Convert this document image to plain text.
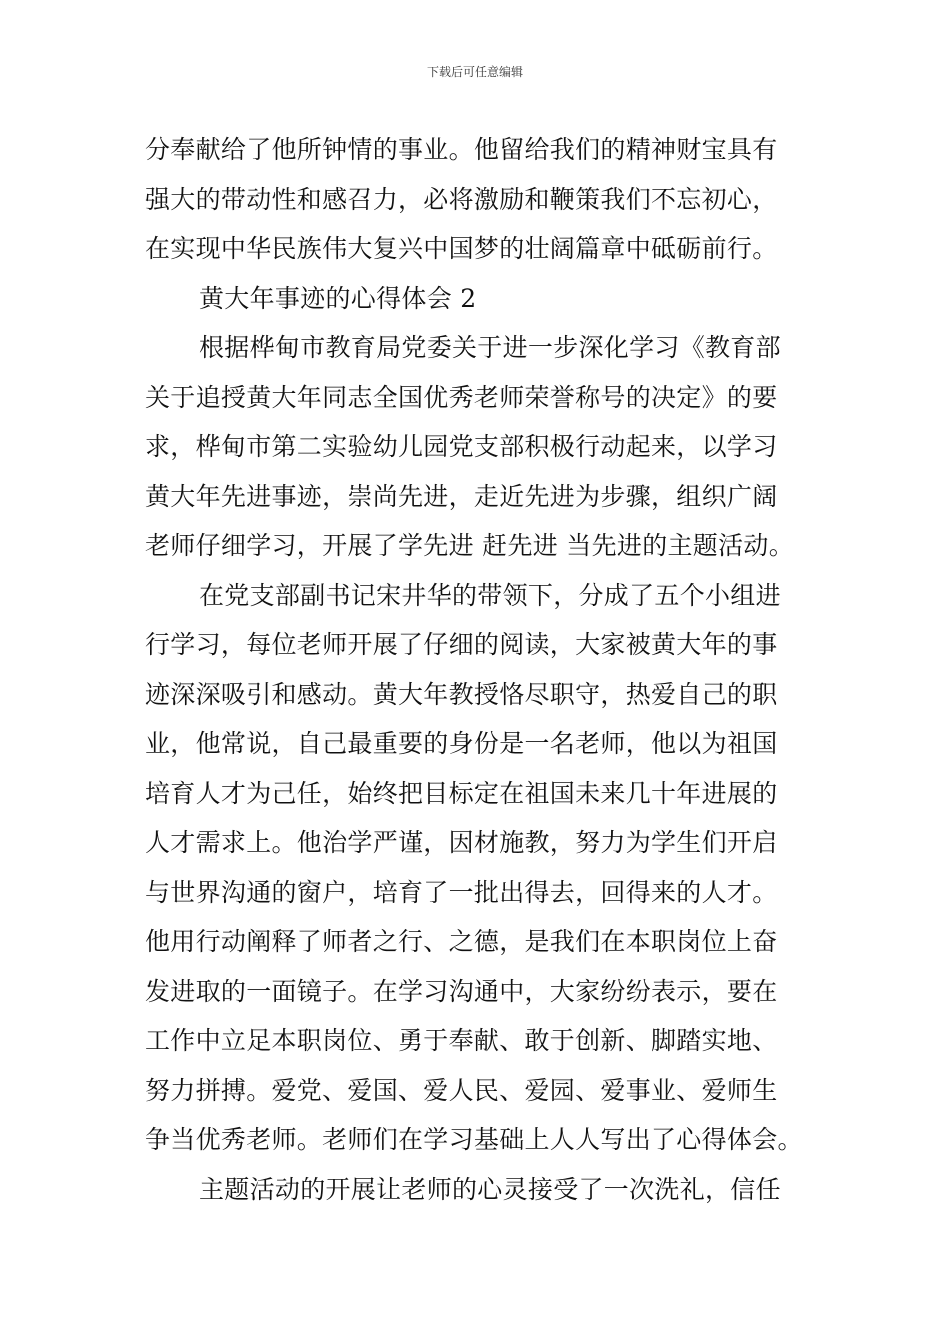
下载后可任意编辑
分奉献给了他所钟情的事业。他留给我们的精神财宝具有
强大的带动性和感召力，必将激励和鞭策我们不忘初心，
在实现中华民族伟大复兴中国梦的壮阔篇章中砥砺前行。
黄大年事迹的心得体会 2
根据桦甸市教育局党委关于进一步深化学习《教育部
关于追授黄大年同志全国优秀老师荣誉称号的决定》的要
求，桦甸市第二实验幼儿园党支部积极行动起来，以学习
黄大年先进事迹，崇尚先进，走近先进为步骤，组织广阔
老师仔细学习，开展了学先进 赶先进 当先进的主题活动。
在党支部副书记宋井华的带领下，分成了五个小组进
行学习，每位老师开展了仔细的阅读，大家被黄大年的事
迹深深吸引和感动。黄大年教授恪尽职守，热爱自己的职
业，他常说，自己最重要的身份是一名老师，他以为祖国
培育人才为己任，始终把目标定在祖国未来几十年进展的
人才需求上。他治学严谨，因材施教，努力为学生们开启
与世界沟通的窗户，培育了一批出得去，回得来的人才。
他用行动阐释了师者之行、之德，是我们在本职岗位上奋
发进取的一面镜子。在学习沟通中，大家纷纷表示，要在
工作中立足本职岗位、勇于奉献、敢于创新、脚踏实地、
努力拼搏。爱党、爱国、爱人民、爱园、爱事业、爱师生
争当优秀老师。老师们在学习基础上人人写出了心得体会。
主题活动的开展让老师的心灵接受了一次洗礼，信任
